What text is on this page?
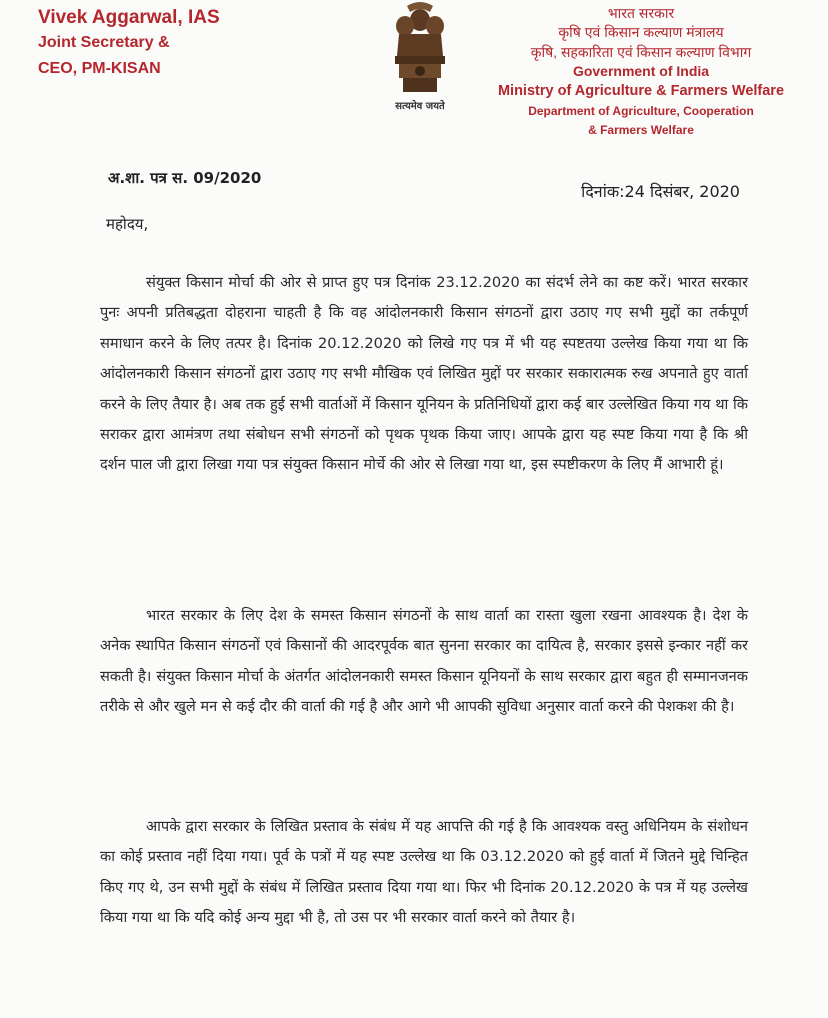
Vivek Aggarwal, IAS
Joint Secretary &
CEO, PM-KISAN
सत्यमेव जयते
भारत सरकार
कृषि एवं किसान कल्याण मंत्रालय
कृषि, सहकारिता एवं किसान कल्याण विभाग
Government of India
Ministry of Agriculture & Farmers Welfare
Department of Agriculture, Cooperation
& Farmers Welfare
अ.शा. पत्र स. 09/2020
दिनांक:24 दिसंबर, 2020
महोदय,
संयुक्त किसान मोर्चा की ओर से प्राप्त हुए पत्र दिनांक 23.12.2020 का संदर्भ लेने का कष्ट करें। भारत सरकार पुनः अपनी प्रतिबद्धता दोहराना चाहती है कि वह आंदोलनकारी किसान संगठनों द्वारा उठाए गए सभी मुद्दों का तर्कपूर्ण समाधान करने के लिए तत्पर है। दिनांक 20.12.2020 को लिखे गए पत्र में भी यह स्पष्टतया उल्लेख किया गया था कि आंदोलनकारी किसान संगठनों द्वारा उठाए गए सभी मौखिक एवं लिखित मुद्दों पर सरकार सकारात्मक रुख अपनाते हुए वार्ता करने के लिए तैयार है। अब तक हुई सभी वार्ताओं में किसान यूनियन के प्रतिनिधियों द्वारा कई बार उल्लेखित किया गय था कि सराकर द्वारा आमंत्रण तथा संबोधन सभी संगठनों को पृथक पृथक किया जाए। आपके द्वारा यह स्पष्ट किया गया है कि श्री दर्शन पाल जी द्वारा लिखा गया पत्र संयुक्त किसान मोर्चे की ओर से लिखा गया था, इस स्पष्टीकरण के लिए मैं आभारी हूं।
भारत सरकार के लिए देश के समस्त किसान संगठनों के साथ वार्ता का रास्ता खुला रखना आवश्यक है। देश के अनेक स्थापित किसान संगठनों एवं किसानों की आदरपूर्वक बात सुनना सरकार का दायित्व है, सरकार इससे इन्कार नहीं कर सकती है। संयुक्त किसान मोर्चा के अंतर्गत आंदोलनकारी समस्त किसान यूनियनों के साथ सरकार द्वारा बहुत ही सम्मानजनक तरीके से और खुले मन से कई दौर की वार्ता की गई है और आगे भी आपकी सुविधा अनुसार वार्ता करने की पेशकश की है।
आपके द्वारा सरकार के लिखित प्रस्ताव के संबंध में यह आपत्ति की गई है कि आवश्यक वस्तु अधिनियम के संशोधन का कोई प्रस्ताव नहीं दिया गया। पूर्व के पत्रों में यह स्पष्ट उल्लेख था कि 03.12.2020 को हुई वार्ता में जितने मुद्दे चिन्हित किए गए थे, उन सभी मुद्दों के संबंध में लिखित प्रस्ताव दिया गया था। फिर भी दिनांक 20.12.2020 के पत्र में यह उल्लेख किया गया था कि यदि कोई अन्य मुद्दा भी है, तो उस पर भी सरकार वार्ता करने को तैयार है।
